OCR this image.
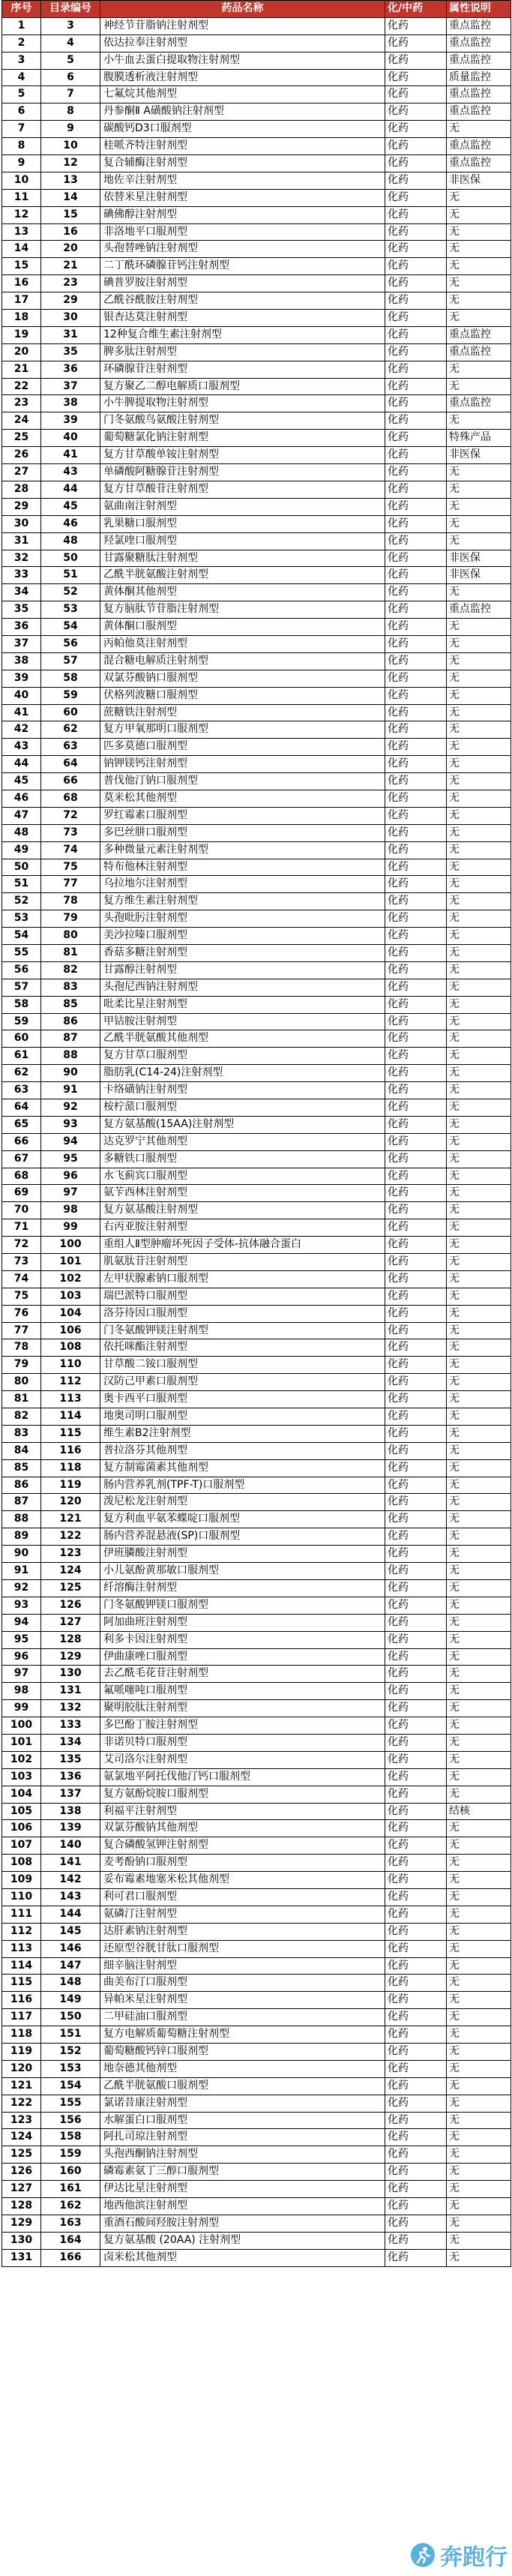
序号	目录编号	药品名称	化/中药	属性说明
1	3	神经节苷脂钠注射剂型	化药	重点监控
2	4	依达拉奉注射剂型	化药	重点监控
3	5	小牛血去蛋白提取物注射剂型	化药	重点监控
4	6	腹膜透析液注射剂型	化药	质量监控
5	7	七氟烷其他剂型	化药	重点监控
6	8	丹参酮Ⅱ A磺酸钠注射剂型	化药	重点监控
7	9	碳酸钙D3口服剂型	化药	无
8	10	桂哌齐特注射剂型	化药	重点监控
9	12	复合辅酶注射剂型	化药	重点监控
10	13	地佐辛注射剂型	化药	非医保
11	14	依替米星注射剂型	化药	无
12	15	碘佛醇注射剂型	化药	无
13	16	非洛地平口服剂型	化药	无
14	20	头孢替唑钠注射剂型	化药	无
15	21	二丁酰环磷腺苷钙注射剂型	化药	无
16	23	碘普罗胺注射剂型	化药	无
17	29	乙酰谷酰胺注射剂型	化药	无
18	30	银杏达莫注射剂型	化药	无
19	31	12种复合维生素注射剂型	化药	重点监控
20	35	脾多肽注射剂型	化药	重点监控
21	36	环磷腺苷注射剂型	化药	无
22	37	复方聚乙二醇电解质口服剂型	化药	无
23	38	小牛脾提取物注射剂型	化药	重点监控
24	39	门冬氨酸鸟氨酸注射剂型	化药	无
25	40	葡萄糖氯化钠注射剂型	化药	特殊产品
26	41	复方甘草酸单铵注射剂型	化药	非医保
27	43	单磷酸阿糖腺苷注射剂型	化药	无
28	44	复方甘草酸苷注射剂型	化药	无
29	45	氨曲南注射剂型	化药	无
30	46	乳果糖口服剂型	化药	无
31	48	羟氯喹口服剂型	化药	无
32	50	甘露聚糖肽注射剂型	化药	非医保
33	51	乙酰半胱氨酸注射剂型	化药	非医保
34	52	黄体酮其他剂型	化药	无
35	53	复方脑肽节苷脂注射剂型	化药	重点监控
36	54	黄体酮口服剂型	化药	无
37	56	丙帕他莫注射剂型	化药	无
38	57	混合糖电解质注射剂型	化药	无
39	58	双氯芬酸钠口服剂型	化药	无
40	59	伏格列波糖口服剂型	化药	无
41	60	蔗糖铁注射剂型	化药	无
42	62	复方甲氧那明口服剂型	化药	无
43	63	匹多莫德口服剂型	化药	无
44	64	钠钾镁钙注射剂型	化药	无
45	66	普伐他汀钠口服剂型	化药	无
46	68	莫米松其他剂型	化药	无
47	72	罗红霉素口服剂型	化药	无
48	73	多巴丝肼口服剂型	化药	无
49	74	多种微量元素注射剂型	化药	无
50	75	特布他林注射剂型	化药	无
51	77	乌拉地尔注射剂型	化药	无
52	78	复方维生素注射剂型	化药	无
53	79	头孢吡肟注射剂型	化药	无
54	80	美沙拉嗪口服剂型	化药	无
55	81	香菇多糖注射剂型	化药	无
56	82	甘露醇注射剂型	化药	无
57	83	头孢尼西钠注射剂型	化药	无
58	85	吡柔比星注射剂型	化药	无
59	86	甲钴胺注射剂型	化药	无
60	87	乙酰半胱氨酸其他剂型	化药	无
61	88	复方甘草口服剂型	化药	无
62	90	脂肪乳(C14-24)注射剂型	化药	无
63	91	卡络磺钠注射剂型	化药	无
64	92	桉柠蒎口服剂型	化药	无
65	93	复方氨基酸(15AA)注射剂型	化药	无
66	94	达克罗宁其他剂型	化药	无
67	95	多糖铁口服剂型	化药	无
68	96	水飞蓟宾口服剂型	化药	无
69	97	氨苄西林注射剂型	化药	无
70	98	复方氨基酸注射剂型	化药	无
71	99	右丙亚胺注射剂型	化药	无
72	100	重组人Ⅱ型肿瘤坏死因子受体-抗体融合蛋白	化药	无
73	101	肌氨肽苷注射剂型	化药	无
74	102	左甲状腺素钠口服剂型	化药	无
75	103	瑞巴派特口服剂型	化药	无
76	104	洛芬待因口服剂型	化药	无
77	106	门冬氨酸钾镁注射剂型	化药	无
78	108	依托咪酯注射剂型	化药	无
79	110	甘草酸二铵口服剂型	化药	无
80	112	汉防己甲素口服剂型	化药	无
81	113	奥卡西平口服剂型	化药	无
82	114	地奥司明口服剂型	化药	无
83	115	维生素B2注射剂型	化药	无
84	116	普拉洛芬其他剂型	化药	无
85	118	复方制霉菌素其他剂型	化药	无
86	119	肠内营养乳剂(TPF-T)口服剂型	化药	无
87	120	泼尼松龙注射剂型	化药	无
88	121	复方利血平氨苯蝶啶口服剂型	化药	无
89	122	肠内营养混悬液(SP)口服剂型	化药	无
90	123	伊班膦酸注射剂型	化药	无
91	124	小儿氨酚黄那敏口服剂型	化药	无
92	125	纤溶酶注射剂型	化药	无
93	126	门冬氨酸钾镁口服剂型	化药	无
94	127	阿加曲班注射剂型	化药	无
95	128	利多卡因注射剂型	化药	无
96	129	伊曲康唑口服剂型	化药	无
97	130	去乙酰毛花苷注射剂型	化药	无
98	131	氟哌噻吨口服剂型	化药	无
99	132	聚明胶肽注射剂型	化药	无
100	133	多巴酚丁胺注射剂型	化药	无
101	134	非诺贝特口服剂型	化药	无
102	135	艾司洛尔注射剂型	化药	无
103	136	氨氯地平阿托伐他汀钙口服剂型	化药	无
104	137	复方氨酚烷胺口服剂型	化药	无
105	138	利福平注射剂型	化药	结核
106	139	双氯芬酸钠其他剂型	化药	无
107	140	复合磷酸氢钾注射剂型	化药	无
108	141	麦考酚钠口服剂型	化药	无
109	142	妥布霉素地塞米松其他剂型	化药	无
110	143	利可君口服剂型	化药	无
111	144	氨磷汀注射剂型	化药	无
112	145	达肝素钠注射剂型	化药	无
113	146	还原型谷胱甘肽口服剂型	化药	无
114	147	细辛脑注射剂型	化药	无
115	148	曲美布汀口服剂型	化药	无
116	149	异帕米星注射剂型	化药	无
117	150	二甲硅油口服剂型	化药	无
118	151	复方电解质葡萄糖注射剂型	化药	无
119	152	葡萄糖酸钙锌口服剂型	化药	无
120	153	地奈德其他剂型	化药	无
121	154	乙酰半胱氨酸口服剂型	化药	无
122	155	氯诺昔康注射剂型	化药	无
123	156	水解蛋白口服剂型	化药	无
124	158	阿扎司琼注射剂型	化药	无
125	159	头孢西酮钠注射剂型	化药	无
126	160	磷霉素氨丁三醇口服剂型	化药	无
127	161	伊达比星注射剂型	化药	无
128	162	地西他滨注射剂型	化药	无
129	163	重酒石酸间羟胺注射剂型	化药	无
130	164	复方氨基酸 (20AA) 注射剂型	化药	无
131	166	卤米松其他剂型	化药	无
奔跑行
